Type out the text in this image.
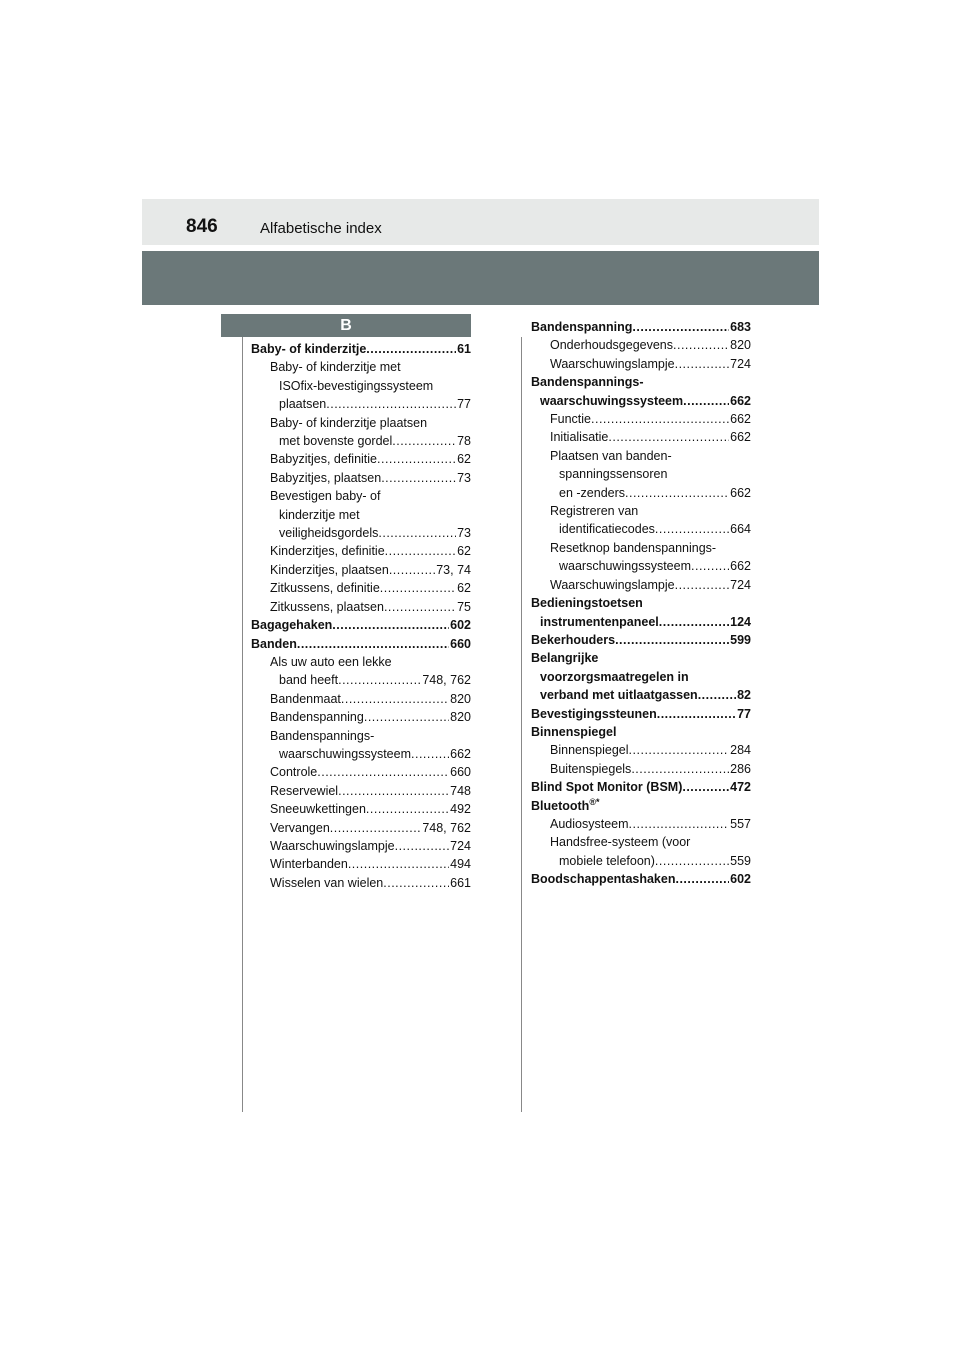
846	Alfabetische index
B
Baby- of kinderzitje .....	61
Baby- of kinderzitje met
ISOfix-bevestigingssysteem
plaatsen .....	77
Baby- of kinderzitje plaatsen
met bovenste gordel .....	78
Babyzitjes, definitie .....	62
Babyzitjes, plaatsen .....	73
Bevestigen baby- of
kinderzitje met
veiligheidsgordels .....	73
Kinderzitjes, definitie .....	62
Kinderzitjes, plaatsen .....	73, 74
Zitkussens, definitie .....	62
Zitkussens, plaatsen .....	75
Bagagehaken .....	602
Banden .....	660
Als uw auto een lekke
band heeft .....	748, 762
Bandenmaat .....	820
Bandenspanning .....	820
Bandenspannings-
waarschuwingssysteem .....	662
Controle .....	660
Reservewiel .....	748
Sneeuwkettingen .....	492
Vervangen .....	748, 762
Waarschuwingslampje .....	724
Winterbanden .....	494
Wisselen van wielen .....	661
Bandenspanning .....	683
Onderhoudsgegevens .....	820
Waarschuwingslampje .....	724
Bandenspannings-
waarschuwingssysteem .....	662
Functie .....	662
Initialisatie .....	662
Plaatsen van banden-
spanningssensoren
en -zenders .....	662
Registreren van
identificatiecodes .....	664
Resetknop bandenspannings-
waarschuwingssysteem .....	662
Waarschuwingslampje .....	724
Bedieningstoetsen
instrumentenpaneel .....	124
Bekerhouders .....	599
Belangrijke
voorzorgsmaatregelen in
verband met uitlaatgassen .....	82
Bevestigingssteunen .....	77
Binnenspiegel
Binnenspiegel .....	284
Buitenspiegels .....	286
Blind Spot Monitor (BSM) .....	472
Bluetooth®*
Audiosysteem .....	557
Handsfree-systeem (voor
mobiele telefoon) .....	559
Boodschappentashaken .....	602
